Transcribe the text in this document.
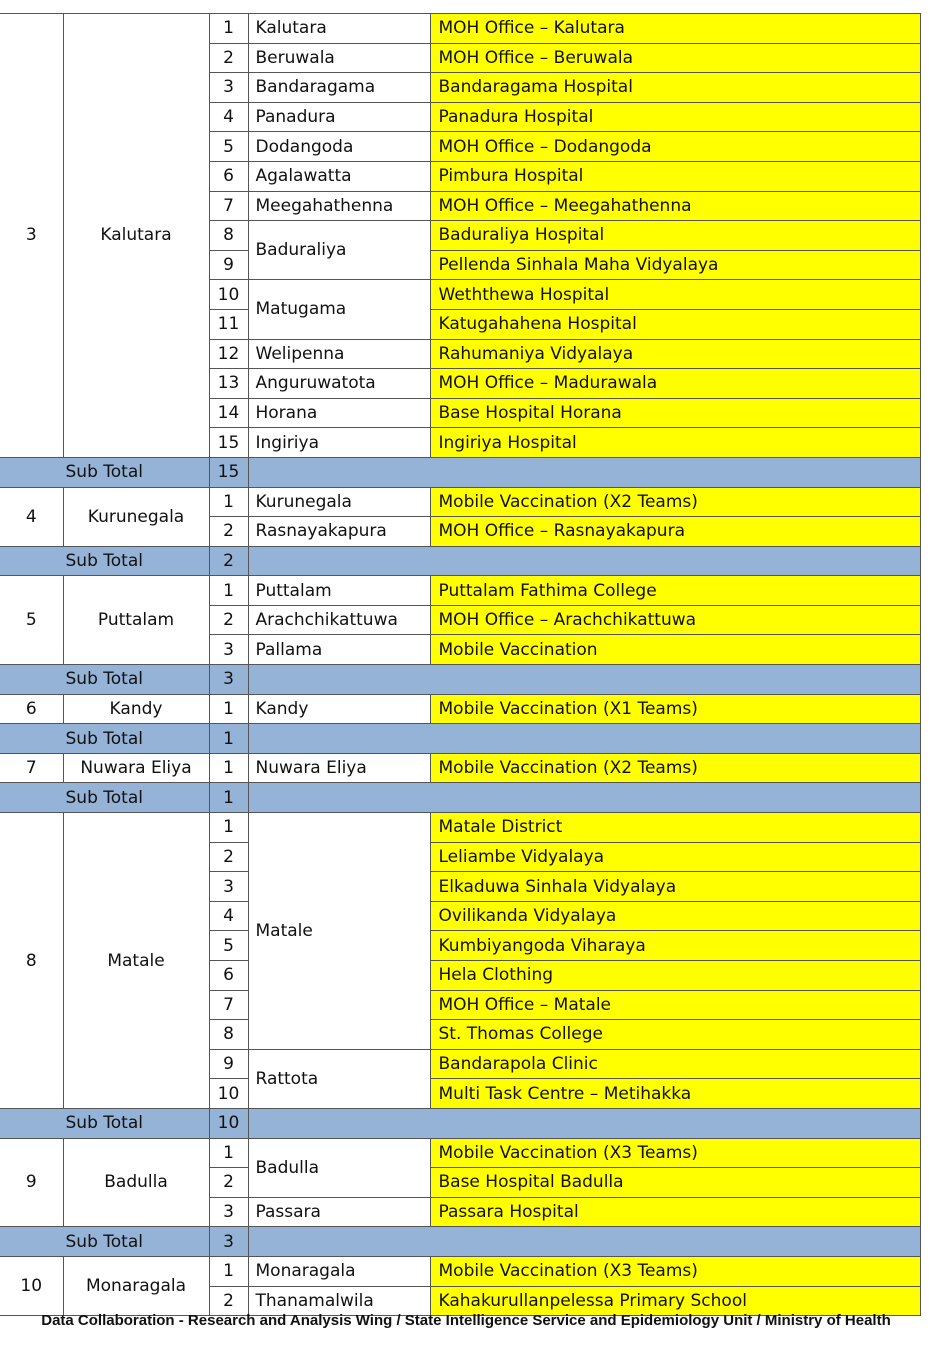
3	Kalutara	1	Kalutara	MOH Office – Kalutara
		2	Beruwala	MOH Office – Beruwala
		3	Bandaragama	Bandaragama Hospital
		4	Panadura	Panadura Hospital
		5	Dodangoda	MOH Office – Dodangoda
		6	Agalawatta	Pimbura Hospital
		7	Meegahathenna	MOH Office – Meegahathenna
		8	Baduraliya	Baduraliya Hospital
		9		Pellenda Sinhala Maha Vidyalaya
		10	Matugama	Weththewa Hospital
		11		Katugahahena Hospital
		12	Welipenna	Rahumaniya Vidyalaya
		13	Anguruwatota	MOH Office – Madurawala
		14	Horana	Base Hospital Horana
		15	Ingiriya	Ingiriya Hospital
Sub Total		15		
4	Kurunegala	1	Kurunegala	Mobile Vaccination (X2 Teams)
		2	Rasnayakapura	MOH Office – Rasnayakapura
Sub Total		2		
5	Puttalam	1	Puttalam	Puttalam Fathima College
		2	Arachchikattuwa	MOH Office – Arachchikattuwa
		3	Pallama	Mobile Vaccination
Sub Total		3		
6	Kandy	1	Kandy	Mobile Vaccination (X1 Teams)
Sub Total		1		
7	Nuwara Eliya	1	Nuwara Eliya	Mobile Vaccination (X2 Teams)
Sub Total		1		
8	Matale	1	Matale	Matale District
		2		Leliambe Vidyalaya
		3		Elkaduwa Sinhala Vidyalaya
		4		Ovilikanda Vidyalaya
		5		Kumbiyangoda Viharaya
		6		Hela Clothing
		7		MOH Office – Matale
		8		St. Thomas College
		9	Rattota	Bandarapola Clinic
		10		Multi Task Centre – Metihakka
Sub Total		10		
9	Badulla	1	Badulla	Mobile Vaccination (X3 Teams)
		2		Base Hospital Badulla
		3	Passara	Passara Hospital
Sub Total		3		
10	Monaragala	1	Monaragala	Mobile Vaccination (X3 Teams)
		2	Thanamalwila	Kahakurullanpelessa Primary School
Data Collaboration - Research and Analysis Wing / State Intelligence Service and Epidemiology Unit / Ministry of Health
